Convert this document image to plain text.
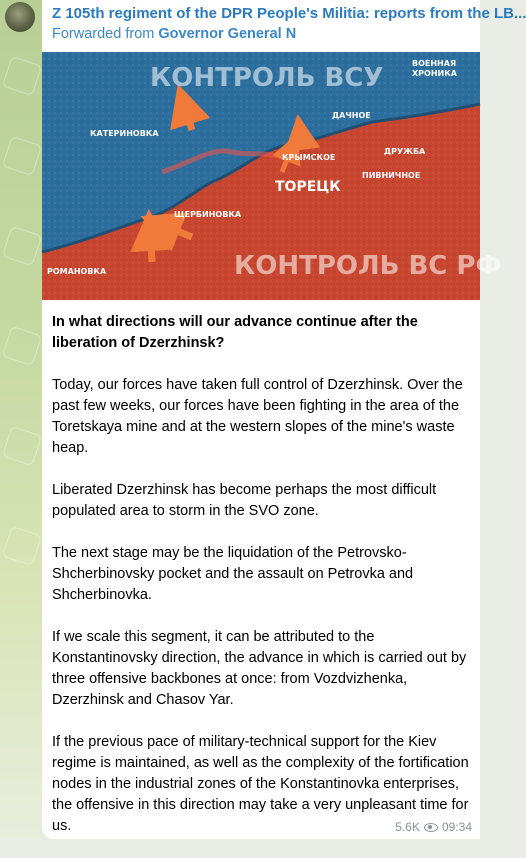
Z 105th regiment of the DPR People's Militia: reports from the LB...
Forwarded from Governor General N
КОНТРОЛЬ ВСУ
КОНТРОЛЬ ВС РФ
ВОЕННАЯ
ХРОНИКА
КАТЕРИНОВКА
ДАЧНОЕ
КРЫМСКОЕ
ДРУЖБА
ТОРЕЦК
ПИВНИЧНОЕ
ЩЕРБИНОВКА
РОМАНОВКА

In what directions will our advance continue after the liberation of Dzerzhinsk?

Today, our forces have taken full control of Dzerzhinsk. Over the past few weeks, our forces have been fighting in the area of the Toretskaya mine and at the western slopes of the mine's waste heap.

Liberated Dzerzhinsk has become perhaps the most difficult populated area to storm in the SVO zone.

The next stage may be the liquidation of the Petrovsko-Shcherbinovsky pocket and the assault on Petrovka and Shcherbinovka.

If we scale this segment, it can be attributed to the Konstantinovsky direction, the advance in which is carried out by three offensive backbones at once: from Vozdvizhenka, Dzerzhinsk and Chasov Yar.

If the previous pace of military-technical support for the Kiev regime is maintained, as well as the complexity of the fortification nodes in the industrial zones of the Konstantinovka enterprises, the offensive in this direction may take a very unpleasant time for us.	5.6K 09:34
